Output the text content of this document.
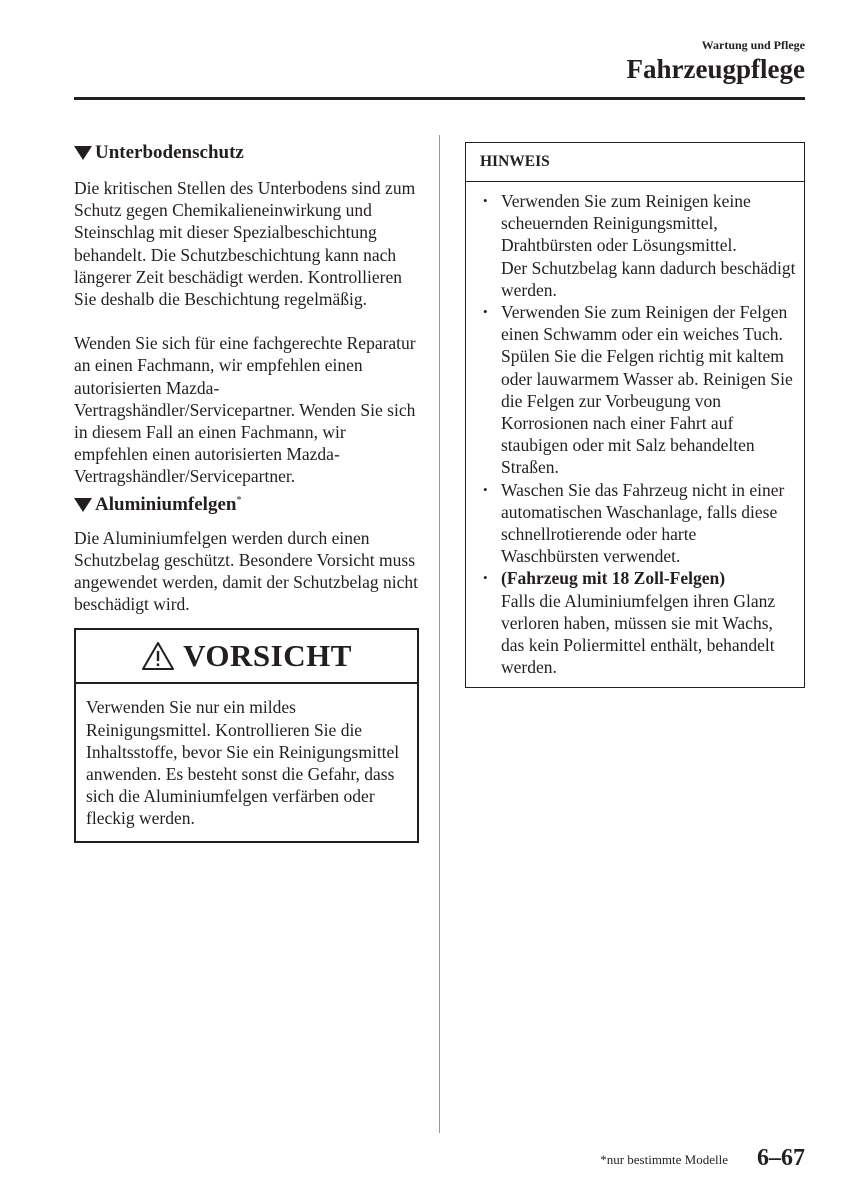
Wartung und Pflege
Fahrzeugpflege
Unterbodenschutz

Die kritischen Stellen des Unterbodens sind zum Schutz gegen Chemikalieneinwirkung und Steinschlag mit dieser Spezialbeschichtung behandelt. Die Schutzbeschichtung kann nach längerer Zeit beschädigt werden. Kontrollieren Sie deshalb die Beschichtung regelmäßig.

Wenden Sie sich für eine fachgerechte Reparatur an einen Fachmann, wir empfehlen einen autorisierten Mazda-Vertragshändler/Servicepartner. Wenden Sie sich in diesem Fall an einen Fachmann, wir empfehlen einen autorisierten Mazda-Vertragshändler/Servicepartner.

Aluminiumfelgen*

Die Aluminiumfelgen werden durch einen Schutzbelag geschützt. Besondere Vorsicht muss angewendet werden, damit der Schutzbelag nicht beschädigt wird.

VORSICHT

Verwenden Sie nur ein mildes Reinigungsmittel. Kontrollieren Sie die Inhaltsstoffe, bevor Sie ein Reinigungsmittel anwenden. Es besteht sonst die Gefahr, dass sich die Aluminiumfelgen verfärben oder fleckig werden.

HINWEIS
• Verwenden Sie zum Reinigen keine scheuernden Reinigungsmittel, Drahtbürsten oder Lösungsmittel.
Der Schutzbelag kann dadurch beschädigt werden.
• Verwenden Sie zum Reinigen der Felgen einen Schwamm oder ein weiches Tuch.
Spülen Sie die Felgen richtig mit kaltem oder lauwarmem Wasser ab. Reinigen Sie die Felgen zur Vorbeugung von Korrosionen nach einer Fahrt auf staubigen oder mit Salz behandelten Straßen.
• Waschen Sie das Fahrzeug nicht in einer automatischen Waschanlage, falls diese schnellrotierende oder harte Waschbürsten verwendet.
• (Fahrzeug mit 18 Zoll-Felgen)
Falls die Aluminiumfelgen ihren Glanz verloren haben, müssen sie mit Wachs, das kein Poliermittel enthält, behandelt werden.
*nur bestimmte Modelle 6–67
